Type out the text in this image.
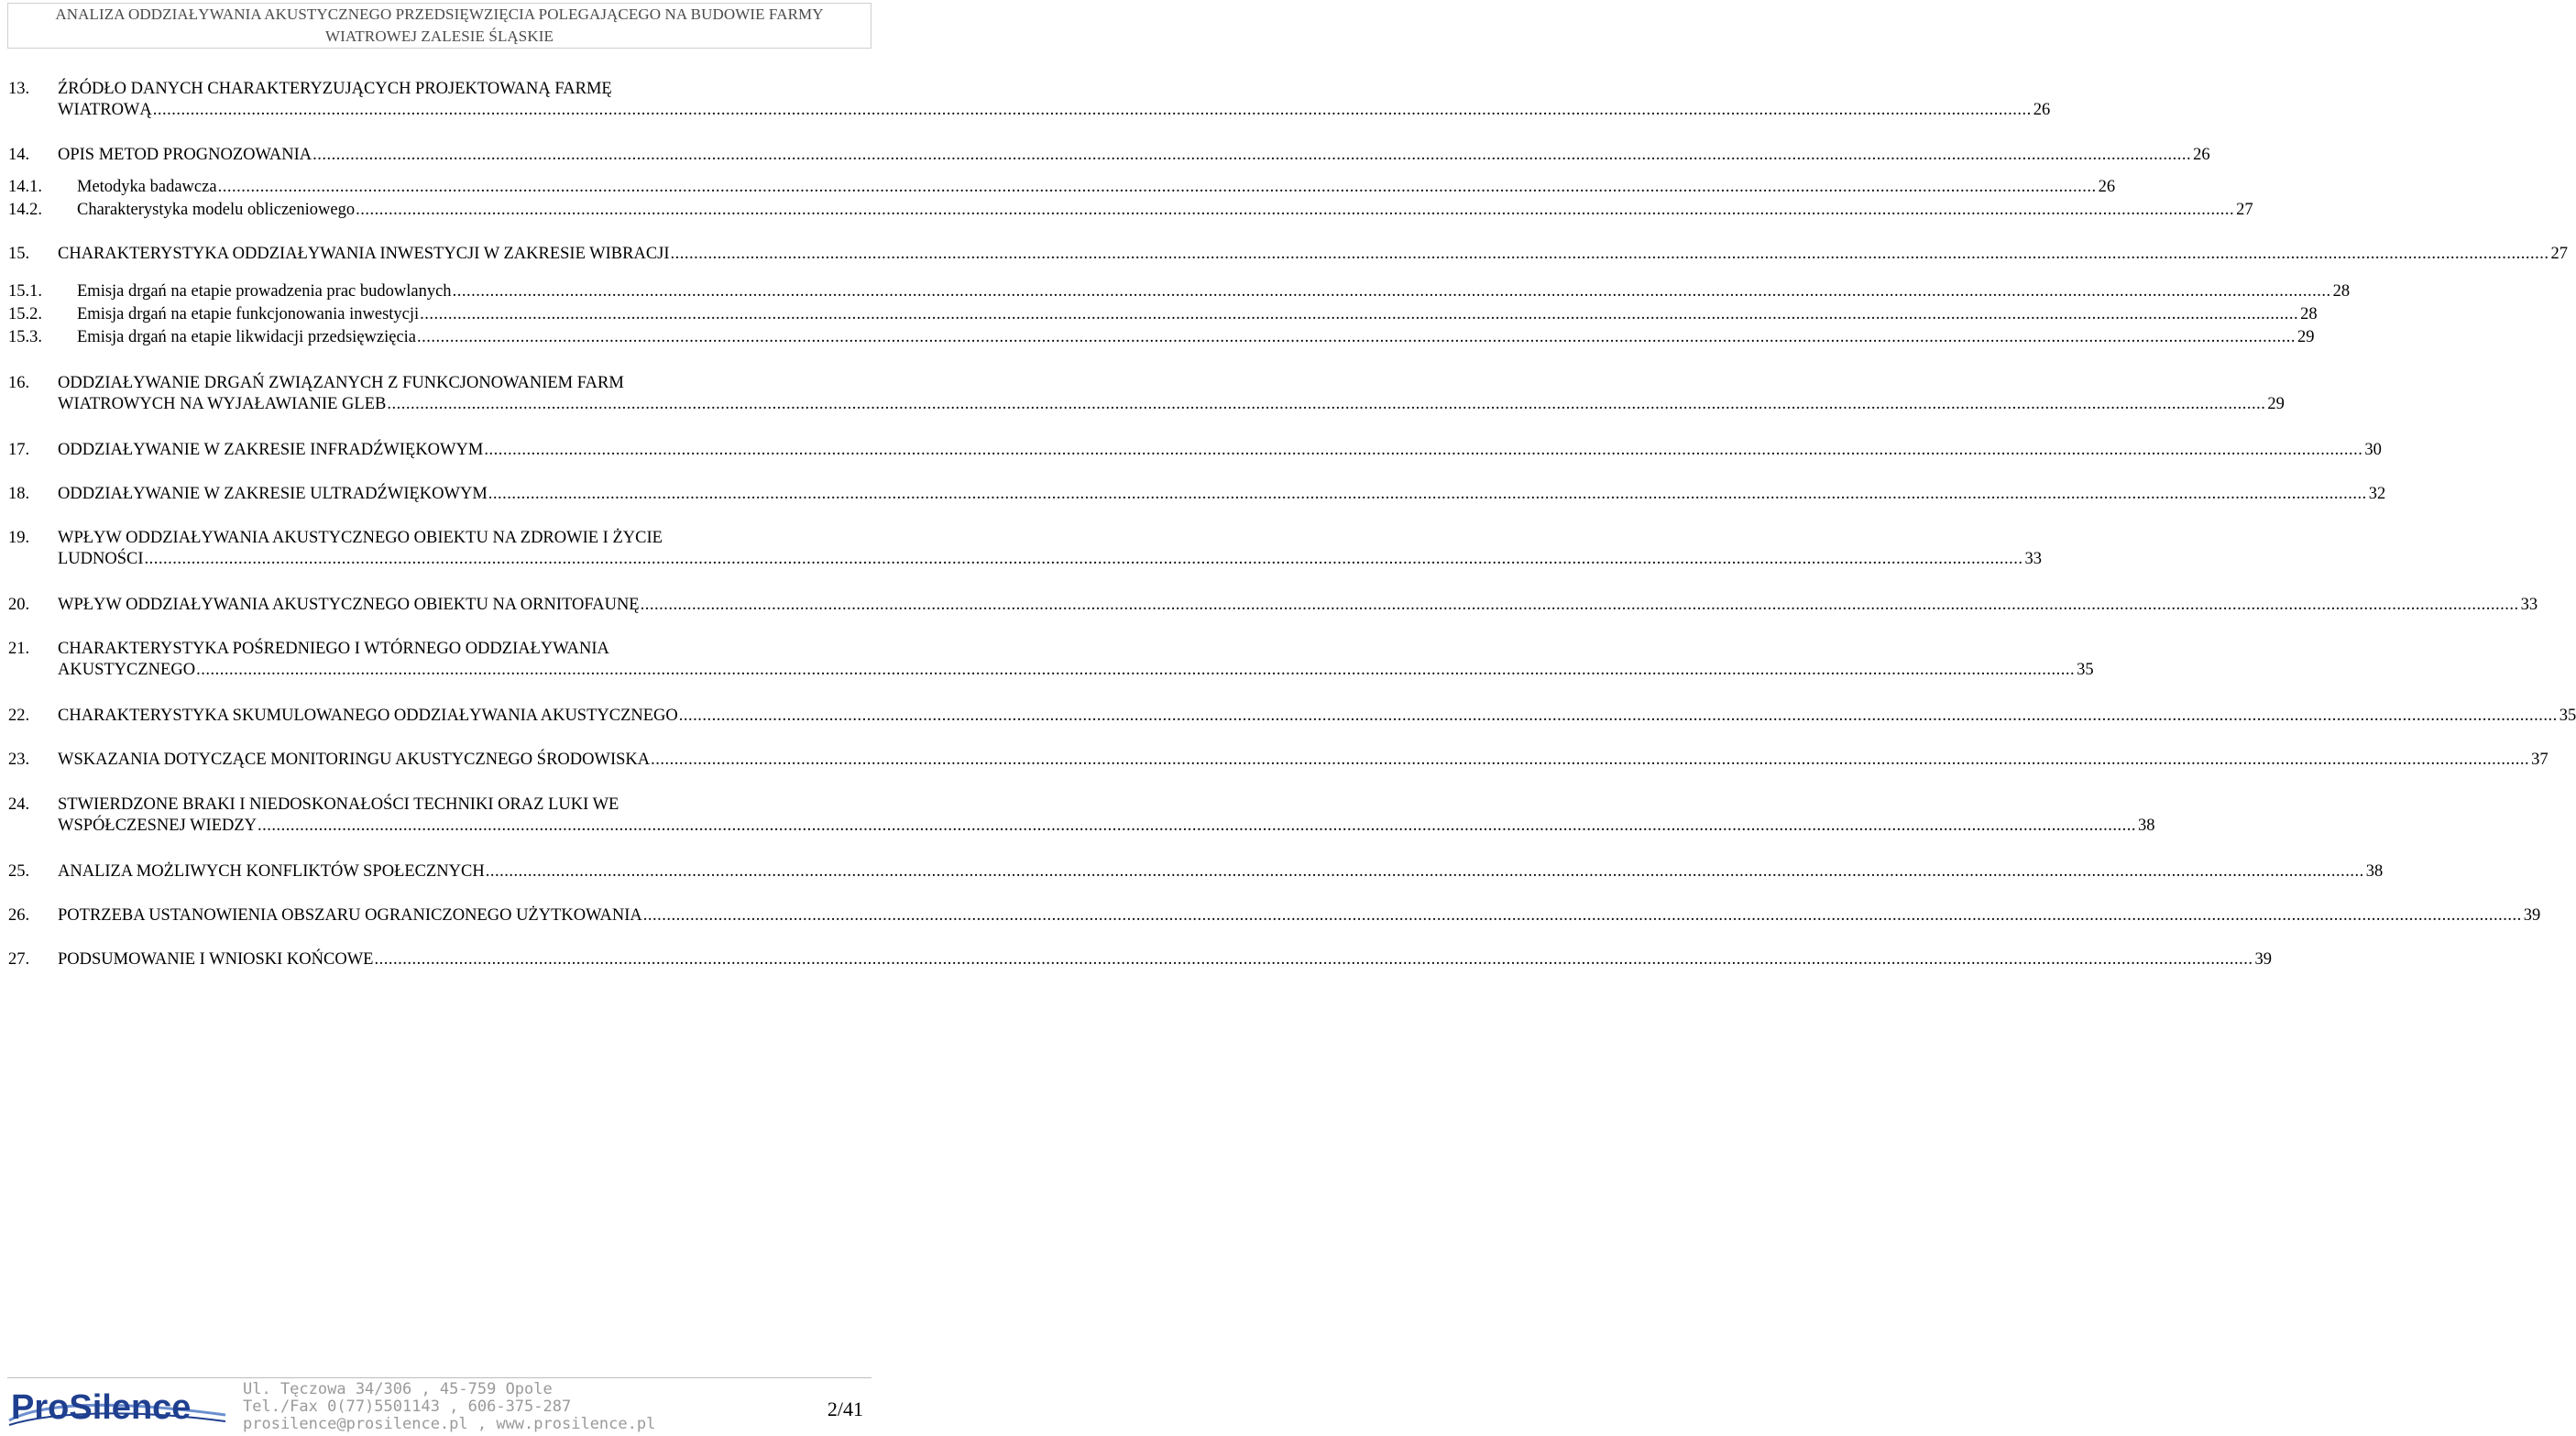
ANALIZA ODDZIAŁYWANIA AKUSTYCZNEGO PRZEDSIĘWZIĘCIA POLEGAJĄCEGO NA BUDOWIE FARMY
WIATROWEJ ZALESIE ŚLĄSKIE
13. ŹRÓDŁO DANYCH CHARAKTERYZUJĄCYCH PROJEKTOWANĄ FARMĘ
WIATROWĄ ................................................................................................................................................................................................................................................................................................................................................................................................................ 26
14. OPIS METOD PROGNOZOWANIA ................................................................................................................................................................................................................................................................................................................................................................................................................ 26
14.1. Metodyka badawcza ................................................................................................................................................................................................................................................................................................................................................................................................................ 26
14.2. Charakterystyka modelu obliczeniowego ................................................................................................................................................................................................................................................................................................................................................................................................................ 27
15. CHARAKTERYSTYKA ODDZIAŁYWANIA INWESTYCJI W ZAKRESIE WIBRACJI ................................................................................................................................................................................................................................................................................................................................................................................................................ 27
15.1. Emisja drgań na etapie prowadzenia prac budowlanych ................................................................................................................................................................................................................................................................................................................................................................................................................ 28
15.2. Emisja drgań na etapie funkcjonowania inwestycji ................................................................................................................................................................................................................................................................................................................................................................................................................ 28
15.3. Emisja drgań na etapie likwidacji przedsięwzięcia ................................................................................................................................................................................................................................................................................................................................................................................................................ 29
16. ODDZIAŁYWANIE DRGAŃ ZWIĄZANYCH Z FUNKCJONOWANIEM FARM
WIATROWYCH NA WYJAŁAWIANIE GLEB ................................................................................................................................................................................................................................................................................................................................................................................................................ 29
17. ODDZIAŁYWANIE W ZAKRESIE INFRADŹWIĘKOWYM ................................................................................................................................................................................................................................................................................................................................................................................................................ 30
18. ODDZIAŁYWANIE W ZAKRESIE ULTRADŹWIĘKOWYM ................................................................................................................................................................................................................................................................................................................................................................................................................ 32
19. WPŁYW ODDZIAŁYWANIA AKUSTYCZNEGO OBIEKTU NA ZDROWIE I ŻYCIE
LUDNOŚCI ................................................................................................................................................................................................................................................................................................................................................................................................................ 33
20. WPŁYW ODDZIAŁYWANIA AKUSTYCZNEGO OBIEKTU NA ORNITOFAUNĘ ................................................................................................................................................................................................................................................................................................................................................................................................................ 33
21. CHARAKTERYSTYKA POŚREDNIEGO I WTÓRNEGO ODDZIAŁYWANIA
AKUSTYCZNEGO ................................................................................................................................................................................................................................................................................................................................................................................................................ 35
22. CHARAKTERYSTYKA SKUMULOWANEGO ODDZIAŁYWANIA AKUSTYCZNEGO ................................................................................................................................................................................................................................................................................................................................................................................................................ 35
23. WSKAZANIA DOTYCZĄCE MONITORINGU AKUSTYCZNEGO ŚRODOWISKA ................................................................................................................................................................................................................................................................................................................................................................................................................ 37
24. STWIERDZONE BRAKI I NIEDOSKONAŁOŚCI TECHNIKI ORAZ LUKI WE
WSPÓŁCZESNEJ WIEDZY ................................................................................................................................................................................................................................................................................................................................................................................................................ 38
25. ANALIZA MOŻLIWYCH KONFLIKTÓW SPOŁECZNYCH ................................................................................................................................................................................................................................................................................................................................................................................................................ 38
26. POTRZEBA USTANOWIENIA OBSZARU OGRANICZONEGO UŻYTKOWANIA ................................................................................................................................................................................................................................................................................................................................................................................................................ 39
27. PODSUMOWANIE I WNIOSKI KOŃCOWE ................................................................................................................................................................................................................................................................................................................................................................................................................ 39
ProSilence	Ul. Tęczowa 34/306 , 45-759 Opole
Tel./Fax 0(77)5501143 , 606-375-287
prosilence@prosilence.pl , www.prosilence.pl
2/41
